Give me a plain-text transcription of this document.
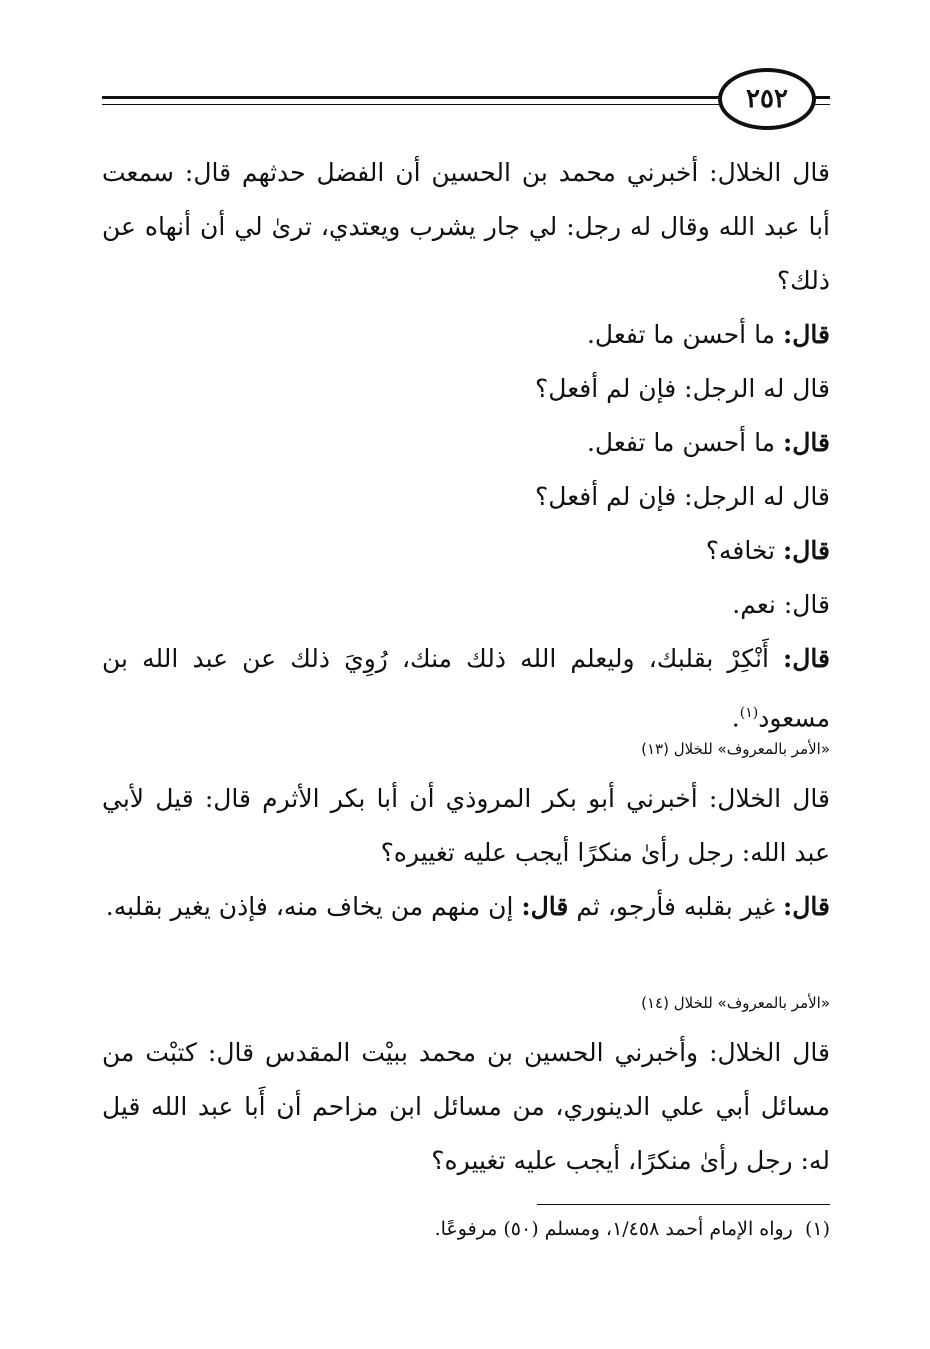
٢٥٢

قال الخلال: أخبرني محمد بن الحسين أن الفضل حدثهم قال: سمعت أبا عبد الله وقال له رجل: لي جار يشرب ويعتدي، ترىٰ لي أن أنهاه عن ذلك؟

قال: ما أحسن ما تفعل.

قال له الرجل: فإن لم أفعل؟

قال: ما أحسن ما تفعل.

قال له الرجل: فإن لم أفعل؟

قال: تخافه؟

قال: نعم.

قال: أَنْكِرْ بقلبك، وليعلم الله ذلك منك، رُوِيَ ذلك عن عبد الله بن مسعود$^{(١)}$.

«الأمر بالمعروف» للخلال (١٣)

قال الخلال: أخبرني أبو بكر المروذي أن أبا بكر الأثرم قال: قيل لأبي عبد الله: رجل رأىٰ منكرًا أيجب عليه تغييره؟

قال: غير بقلبه فأرجو، ثم قال: إن منهم من يخاف منه، فإذن يغير بقلبه.

«الأمر بالمعروف» للخلال (١٤)

قال الخلال: وأخبرني الحسين بن محمد ببيْت المقدس قال: كتبْت من مسائل أبي علي الدينوري، من مسائل ابن مزاحم أن أَبا عبد الله قيل له: رجل رأىٰ منكرًا، أيجب عليه تغييره؟

(١)  رواه الإمام أحمد ١/٤٥٨، ومسلم (٥٠) مرفوعًا.
